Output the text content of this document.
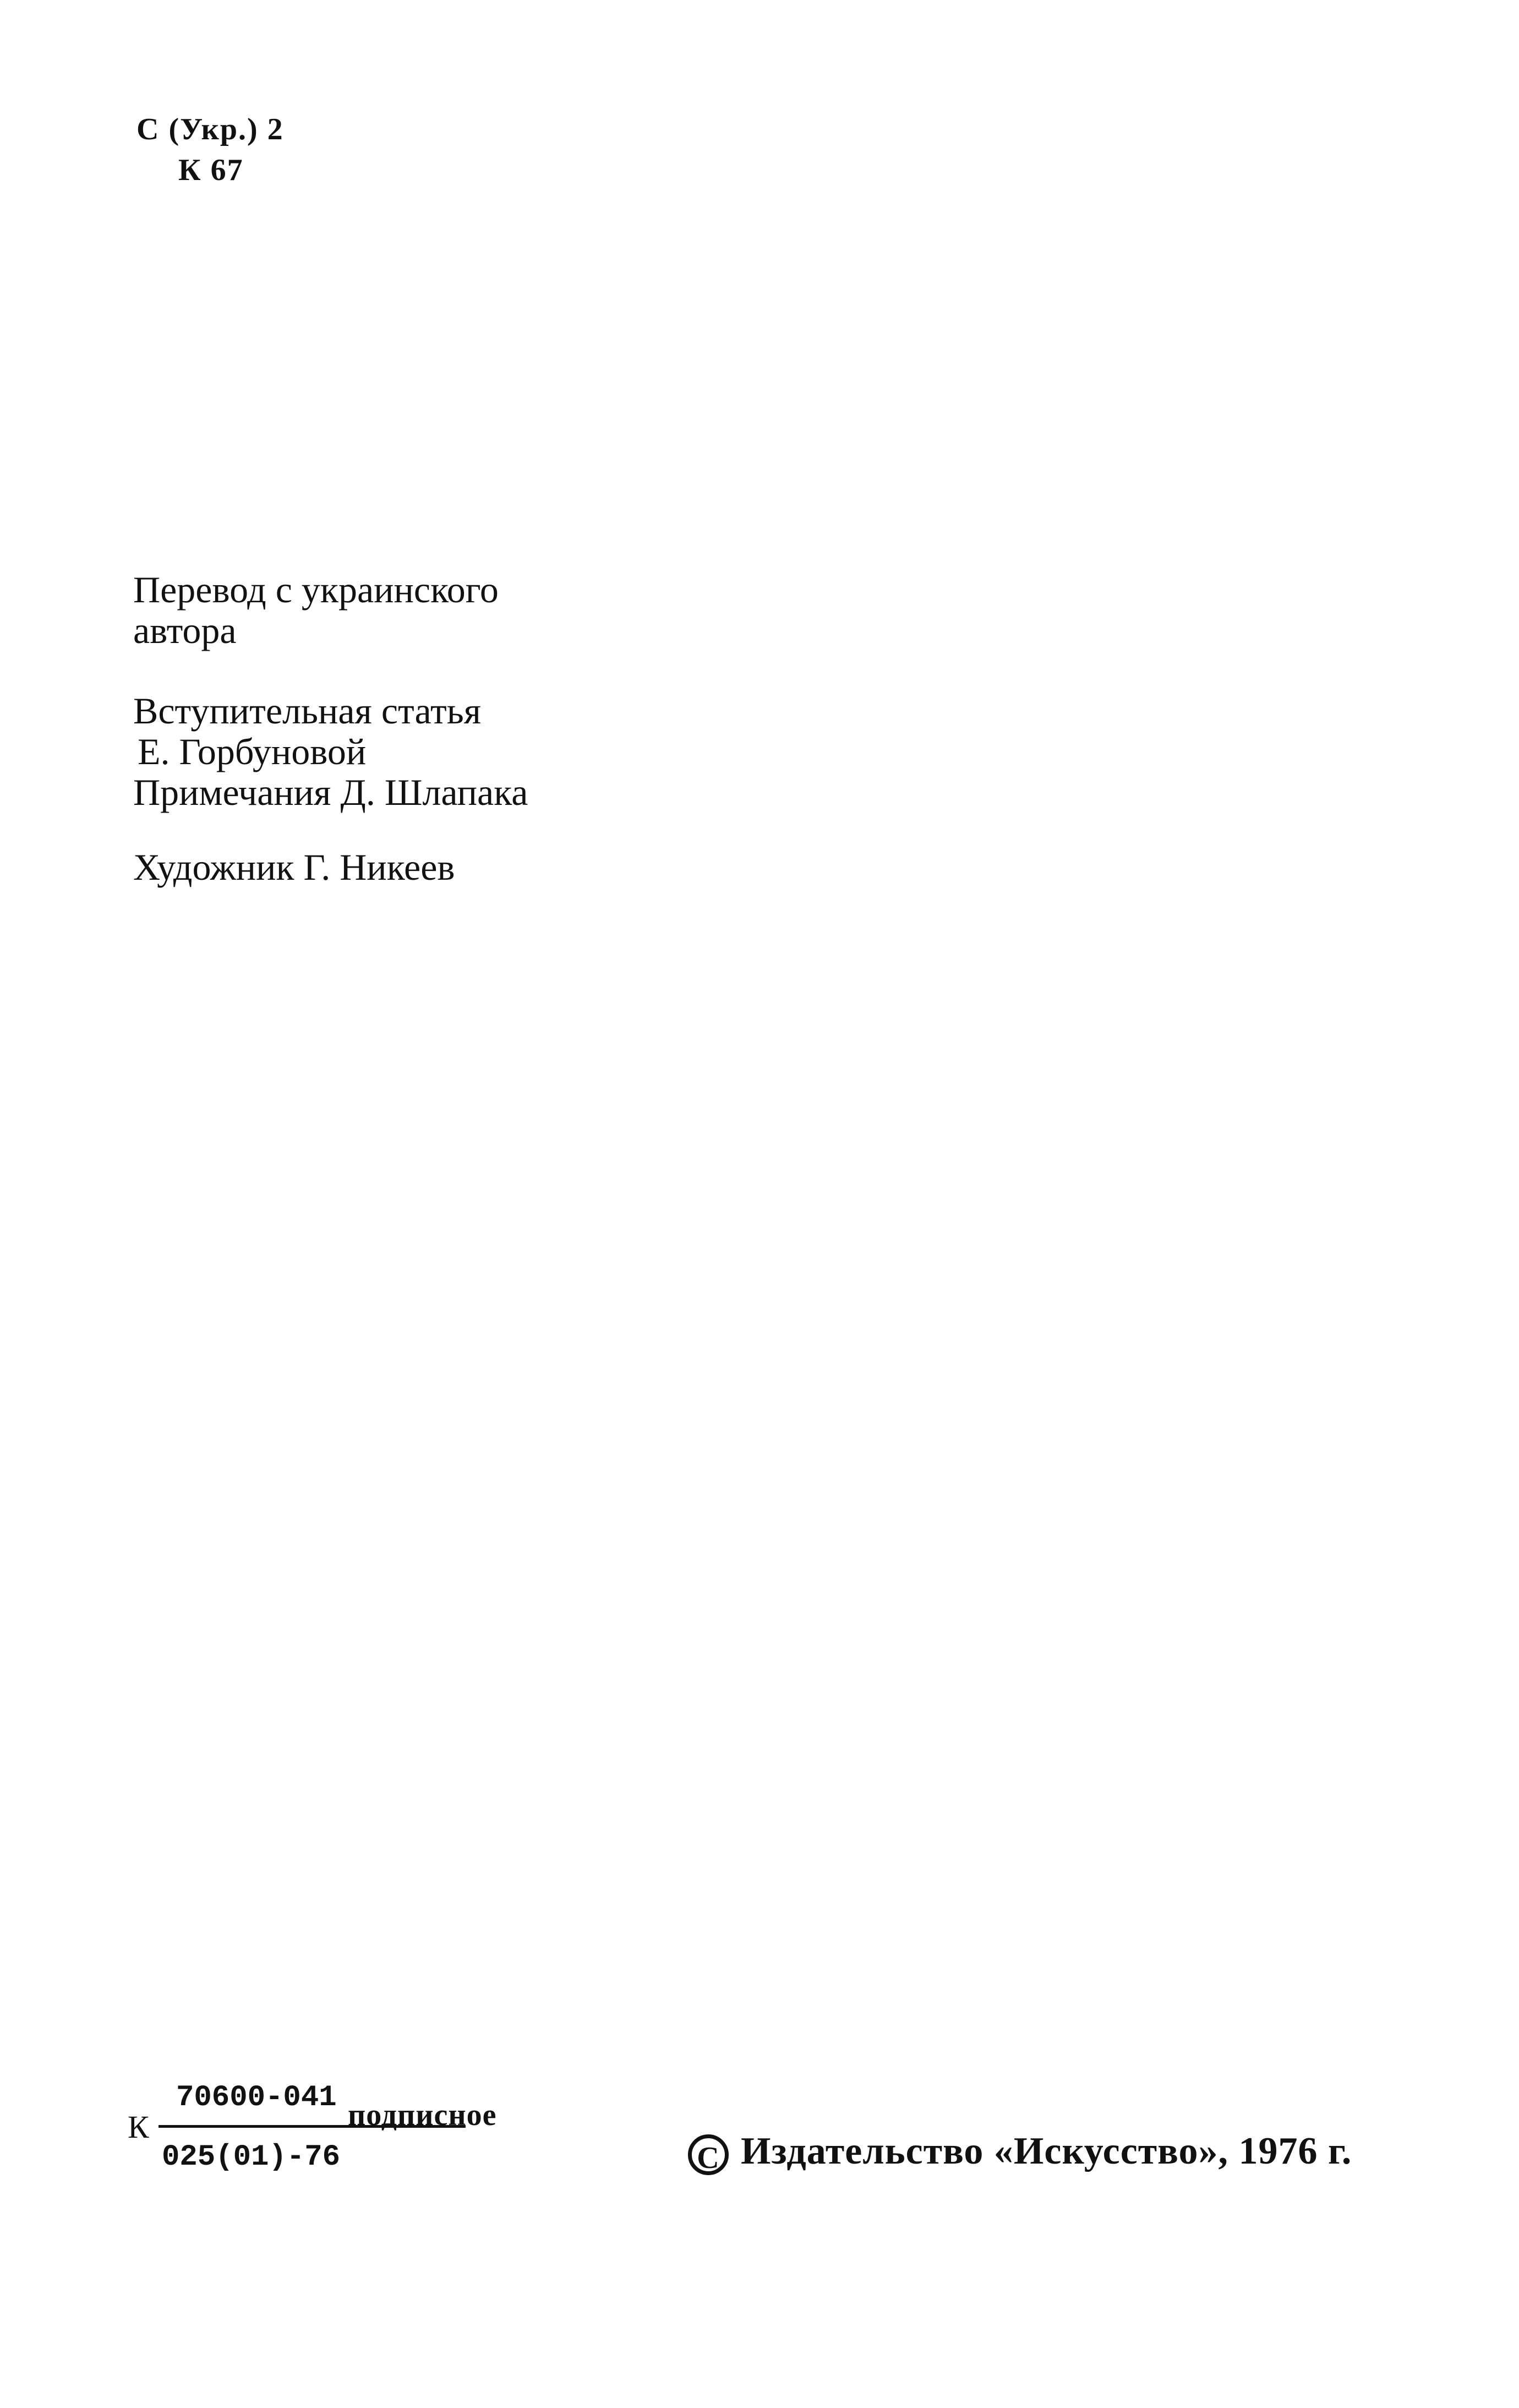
С (Укр.) 2
К 67
Перевод с украинского
автора
Вступительная статья
Е. Горбуновой
Примечания Д. Шлапака
Художник Г. Никеев
К
70600-041
025(01)-76
подписное
C Издательство «Искусство», 1976 г.
